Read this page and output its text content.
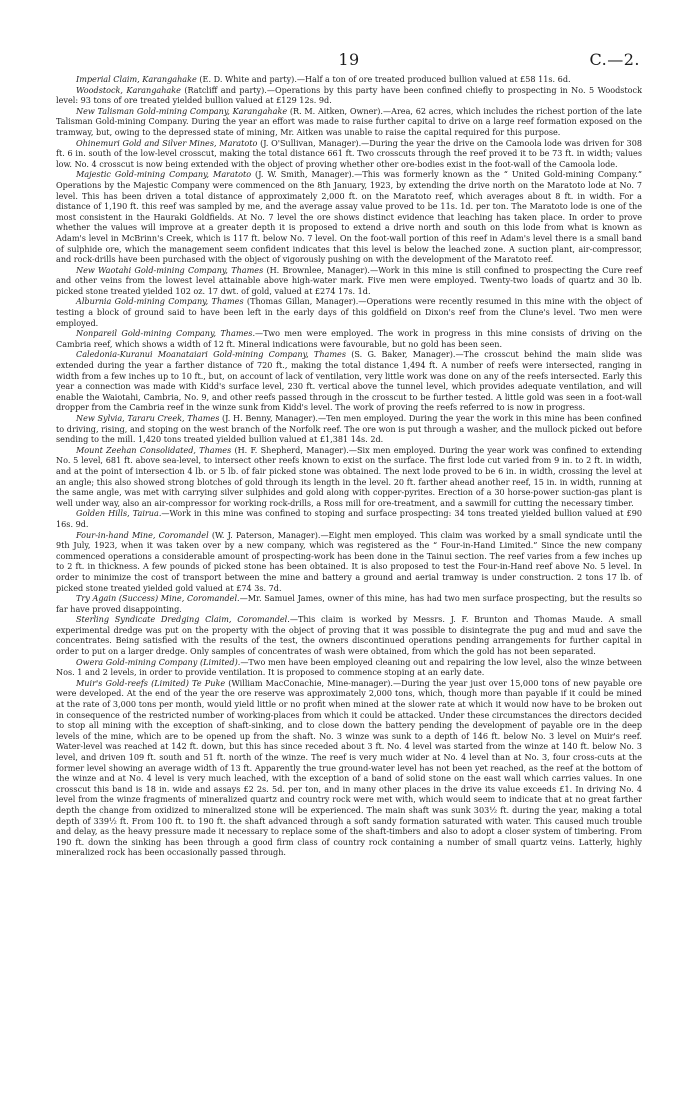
19	C.—2.

Imperial Claim, Karangahake (E. D. White and party).—Half a ton of ore treated produced bullion valued at £58 11s. 6d.

Woodstock, Karangahake (Ratcliff and party).—Operations by this party have been confined chiefly to prospecting in No. 5 Woodstock level: 93 tons of ore treated yielded bullion valued at £129 12s. 9d.

New Talisman Gold-mining Company, Karangahake (R. M. Aitken, Owner).—Area, 62 acres, which includes the richest portion of the late Talisman Gold-mining Company. During the year an effort was made to raise further capital to drive on a large reef formation exposed on the tramway, but, owing to the depressed state of mining, Mr. Aitken was unable to raise the capital required for this purpose.

Ohinemuri Gold and Silver Mines, Maratoto (J. O'Sullivan, Manager).—During the year the drive on the Camoola lode was driven for 308 ft. 6 in. south of the low-level crosscut, making the total distance 661 ft. Two crosscuts through the reef proved it to be 73 ft. in width; values low. No. 4 crosscut is now being extended with the object of proving whether other ore-bodies exist in the foot-wall of the Camoola lode.

Majestic Gold-mining Company, Maratoto (J. W. Smith, Manager).—This was formerly known as the “ United Gold-mining Company.” Operations by the Majestic Company were commenced on the 8th January, 1923, by extending the drive north on the Maratoto lode at No. 7 level. This has been driven a total distance of approximately 2,000 ft. on the Maratoto reef, which averages about 8 ft. in width. For a distance of 1,190 ft. this reef was sampled by me, and the average assay value proved to be 11s. 1d. per ton. The Maratoto lode is one of the most consistent in the Hauraki Goldfields. At No. 7 level the ore shows distinct evidence that leaching has taken place. In order to prove whether the values will improve at a greater depth it is proposed to extend a drive north and south on this lode from what is known as Adam's level in McBrinn's Creek, which is 117 ft. below No. 7 level. On the foot-wall portion of this reef in Adam's level there is a small band of sulphide ore, which the management seem confident indicates that this level is below the leached zone. A suction plant, air-compressor, and rock-drills have been purchased with the object of vigorously pushing on with the development of the Maratoto reef.

New Waotahi Gold-mining Company, Thames (H. Brownlee, Manager).—Work in this mine is still confined to prospecting the Cure reef and other veins from the lowest level attainable above high-water mark. Five men were employed. Twenty-two loads of quartz and 30 lb. picked stone treated yielded 102 oz. 17 dwt. of gold, valued at £274 17s. 1d.

Alburnia Gold-mining Company, Thames (Thomas Gillan, Manager).—Operations were recently resumed in this mine with the object of testing a block of ground said to have been left in the early days of this goldfield on Dixon's reef from the Clune's level. Two men were employed.

Nonpareil Gold-mining Company, Thames.—Two men were employed. The work in progress in this mine consists of driving on the Cambria reef, which shows a width of 12 ft. Mineral indications were favourable, but no gold has been seen.

Caledonia-Kuranui Moanataiari Gold-mining Company, Thames (S. G. Baker, Manager).—The crosscut behind the main slide was extended during the year a farther distance of 720 ft., making the total distance 1,494 ft. A number of reefs were intersected, ranging in width from a few inches up to 10 ft., but, on account of lack of ventilation, very little work was done on any of the reefs intersected. Early this year a connection was made with Kidd's surface level, 230 ft. vertical above the tunnel level, which provides adequate ventilation, and will enable the Waiotahi, Cambria, No. 9, and other reefs passed through in the crosscut to be further tested. A little gold was seen in a foot-wall dropper from the Cambria reef in the winze sunk from Kidd's level. The work of proving the reefs referred to is now in progress.

New Sylvia, Tararu Creek, Thames (J. H. Benny, Manager).—Ten men employed. During the year the work in this mine has been confined to driving, rising, and stoping on the west branch of the Norfolk reef. The ore won is put through a washer, and the mullock picked out before sending to the mill. 1,420 tons treated yielded bullion valued at £1,381 14s. 2d.

Mount Zeehan Consolidated, Thames (H. F. Shepherd, Manager).—Six men employed. During the year work was confined to extending No. 5 level, 681 ft. above sea-level, to intersect other reefs known to exist on the surface. The first lode cut varied from 9 in. to 2 ft. in width, and at the point of intersection 4 lb. or 5 lb. of fair picked stone was obtained. The next lode proved to be 6 in. in width, crossing the level at an angle; this also showed strong blotches of gold through its length in the level. 20 ft. farther ahead another reef, 15 in. in width, running at the same angle, was met with carrying silver sulphides and gold along with copper-pyrites. Erection of a 30 horse-power suction-gas plant is well under way, also an air-compressor for working rock-drills, a Ross mill for ore-treatment, and a sawmill for cutting the necessary timber.

Golden Hills, Tairua.—Work in this mine was confined to stoping and surface prospecting: 34 tons treated yielded bullion valued at £90 16s. 9d.

Four-in-hand Mine, Coromandel (W. J. Paterson, Manager).—Eight men employed. This claim was worked by a small syndicate until the 9th July, 1923, when it was taken over by a new company, which was registered as the “ Four-in-Hand Limited.” Since the new company commenced operations a considerable amount of prospecting-work has been done in the Tainui section. The reef varies from a few inches up to 2 ft. in thickness. A few pounds of picked stone has been obtained. It is also proposed to test the Four-in-Hand reef above No. 5 level. In order to minimize the cost of transport between the mine and battery a ground and aerial tramway is under construction. 2 tons 17 lb. of picked stone treated yielded gold valued at £74 3s. 7d.

Try Again (Success) Mine, Coromandel.—Mr. Samuel James, owner of this mine, has had two men surface prospecting, but the results so far have proved disappointing.

Sterling Syndicate Dredging Claim, Coromandel.—This claim is worked by Messrs. J. F. Brunton and Thomas Maude. A small experimental dredge was put on the property with the object of proving that it was possible to disintegrate the pug and mud and save the concentrates. Being satisfied with the results of the test, the owners discontinued operations pending arrangements for further capital in order to put on a larger dredge. Only samples of concentrates of wash were obtained, from which the gold has not been separated.

Owera Gold-mining Company (Limited).—Two men have been employed cleaning out and repairing the low level, also the winze between Nos. 1 and 2 levels, in order to provide ventilation. It is proposed to commence stoping at an early date.

Muir's Gold-reefs (Limited) Te Puke (William MacConachie, Mine-manager).—During the year just over 15,000 tons of new payable ore were developed. At the end of the year the ore reserve was approximately 2,000 tons, which, though more than payable if it could be mined at the rate of 3,000 tons per month, would yield little or no profit when mined at the slower rate at which it would now have to be broken out in consequence of the restricted number of working-places from which it could be attacked. Under these circumstances the directors decided to stop all mining with the exception of shaft-sinking, and to close down the battery pending the development of payable ore in the deep levels of the mine, which are to be opened up from the shaft. No. 3 winze was sunk to a depth of 146 ft. below No. 3 level on Muir's reef. Water-level was reached at 142 ft. down, but this has since receded about 3 ft. No. 4 level was started from the winze at 140 ft. below No. 3 level, and driven 109 ft. south and 51 ft. north of the winze. The reef is very much wider at No. 4 level than at No. 3, four cross-cuts at the former level showing an average width of 13 ft. Apparently the true ground-water level has not been yet reached, as the reef at the bottom of the winze and at No. 4 level is very much leached, with the exception of a band of solid stone on the east wall which carries values. In one crosscut this band is 18 in. wide and assays £2 2s. 5d. per ton, and in many other places in the drive its value exceeds £1. In driving No. 4 level from the winze fragments of mineralized quartz and country rock were met with, which would seem to indicate that at no great farther depth the change from oxidized to mineralized stone will be experienced. The main shaft was sunk 303½ ft. during the year, making a total depth of 339½ ft. From 100 ft. to 190 ft. the shaft advanced through a soft sandy formation saturated with water. This caused much trouble and delay, as the heavy pressure made it necessary to replace some of the shaft-timbers and also to adopt a closer system of timbering. From 190 ft. down the sinking has been through a good firm class of country rock containing a number of small quartz veins. Latterly, highly mineralized rock has been occasionally passed through.
